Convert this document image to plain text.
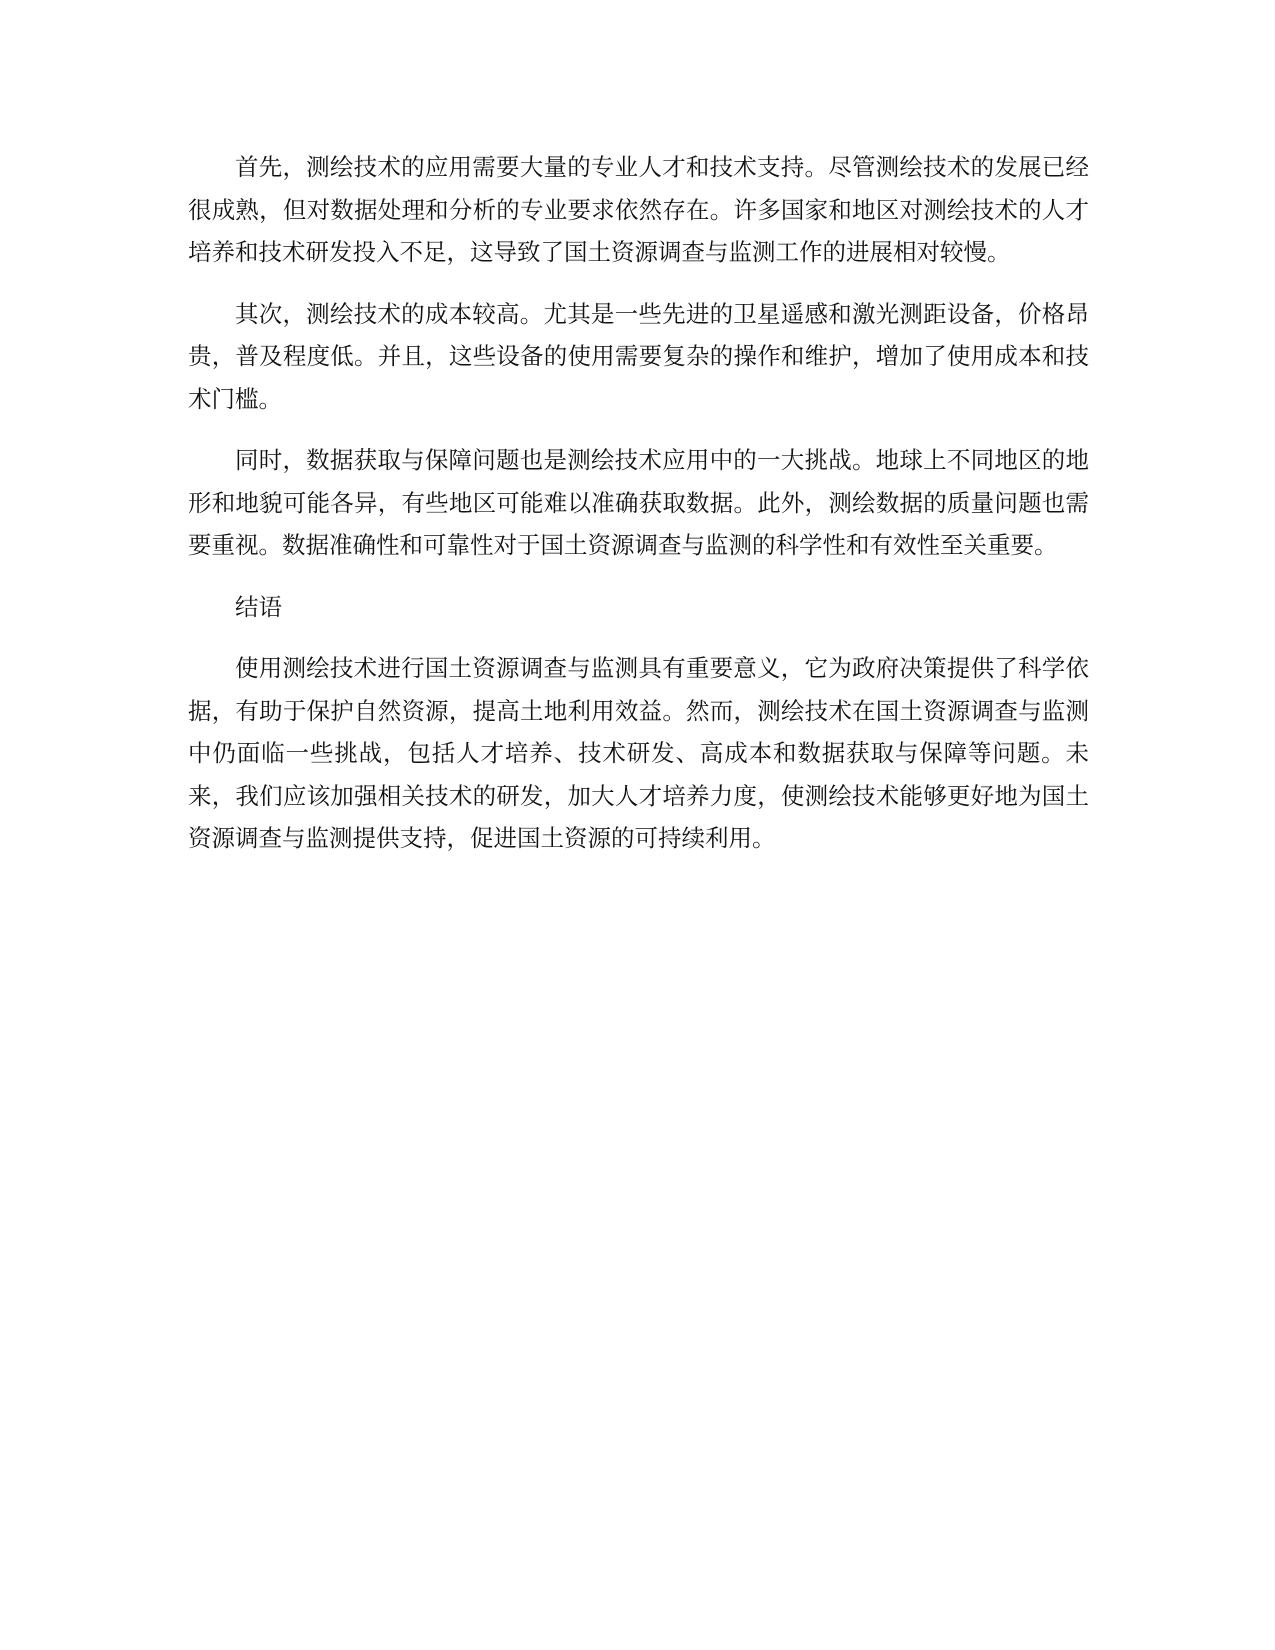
首先，测绘技术的应用需要大量的专业人才和技术支持。尽管测绘技术的发展已经很成熟，但对数据处理和分析的专业要求依然存在。许多国家和地区对测绘技术的人才培养和技术研发投入不足，这导致了国土资源调查与监测工作的进展相对较慢。

其次，测绘技术的成本较高。尤其是一些先进的卫星遥感和激光测距设备，价格昂贵，普及程度低。并且，这些设备的使用需要复杂的操作和维护，增加了使用成本和技术门槛。

同时，数据获取与保障问题也是测绘技术应用中的一大挑战。地球上不同地区的地形和地貌可能各异，有些地区可能难以准确获取数据。此外，测绘数据的质量问题也需要重视。数据准确性和可靠性对于国土资源调查与监测的科学性和有效性至关重要。

结语

使用测绘技术进行国土资源调查与监测具有重要意义，它为政府决策提供了科学依据，有助于保护自然资源，提高土地利用效益。然而，测绘技术在国土资源调查与监测中仍面临一些挑战，包括人才培养、技术研发、高成本和数据获取与保障等问题。未来，我们应该加强相关技术的研发，加大人才培养力度，使测绘技术能够更好地为国土资源调查与监测提供支持，促进国土资源的可持续利用。
